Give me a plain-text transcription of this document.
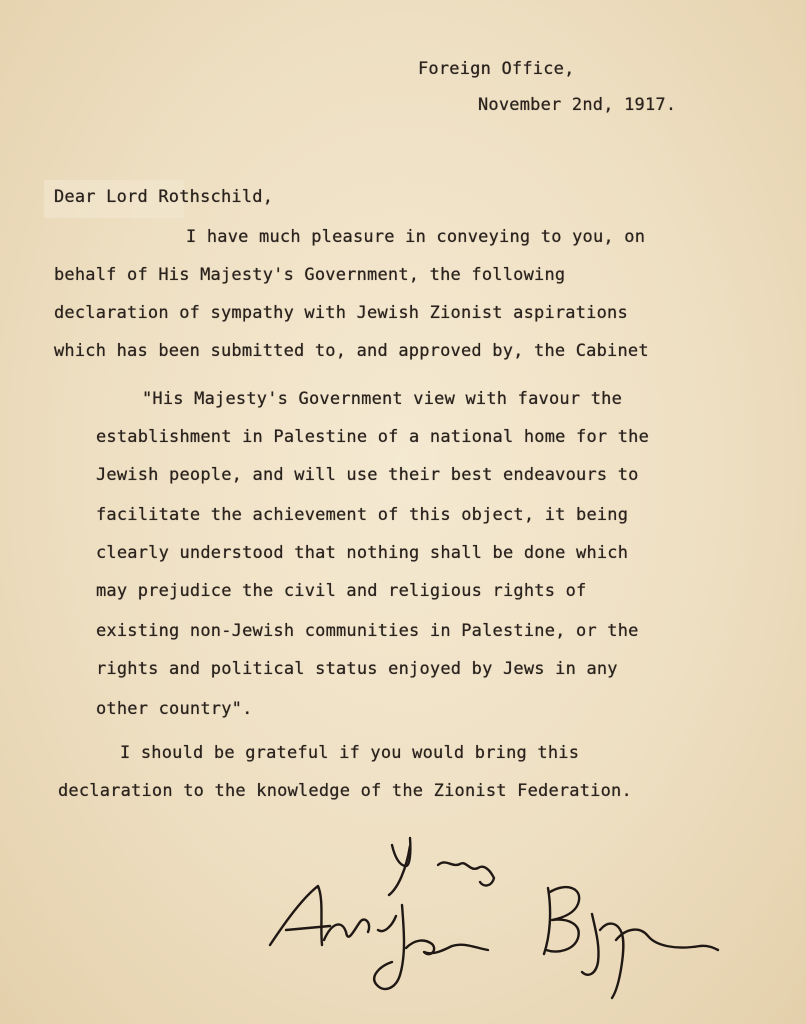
Foreign Office,
November 2nd, 1917.
Dear Lord Rothschild,
I have much pleasure in conveying to you, on
behalf of His Majesty's Government, the following
declaration of sympathy with Jewish Zionist aspirations
which has been submitted to, and approved by, the Cabinet
"His Majesty's Government view with favour the
establishment in Palestine of a national home for the
Jewish people, and will use their best endeavours to
facilitate the achievement of this object, it being
clearly understood that nothing shall be done which
may prejudice the civil and religious rights of
existing non-Jewish communities in Palestine, or the
rights and political status enjoyed by Jews in any
other country".
I should be grateful if you would bring this
declaration to the knowledge of the Zionist Federation.
